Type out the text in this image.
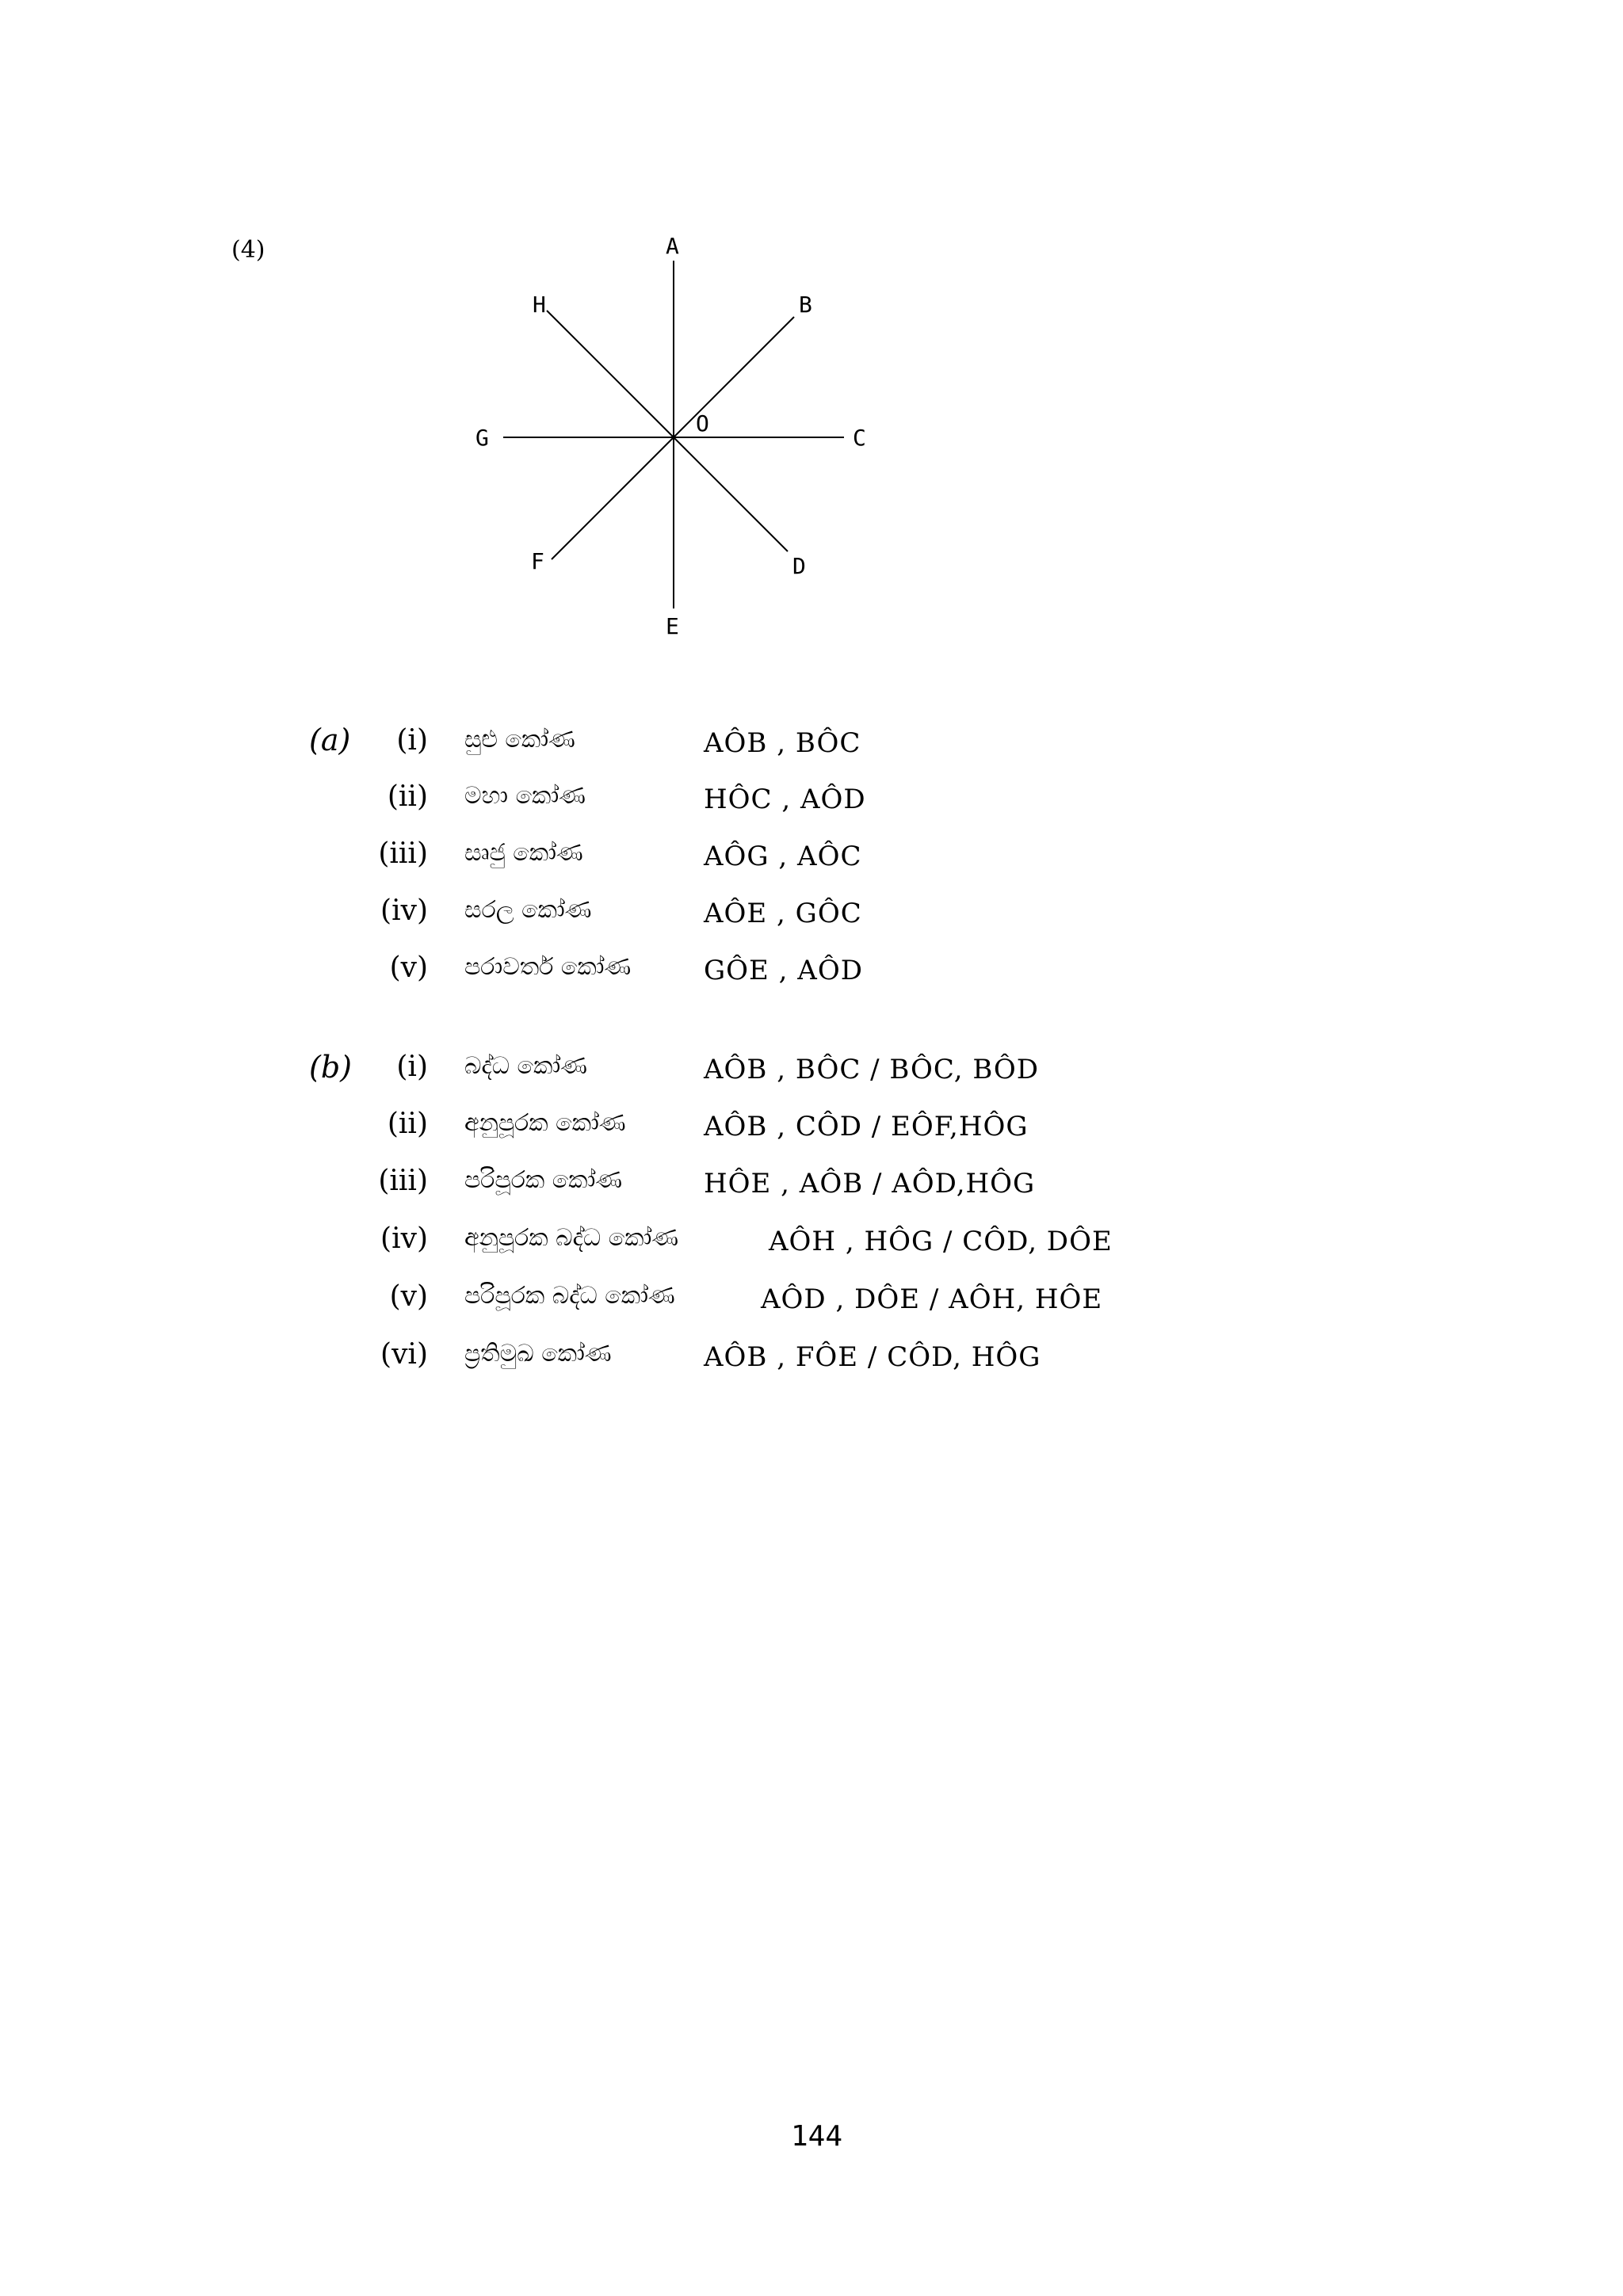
(4)	A
B
C
D
E
F
G
H
O
(a) (i) සුළු කෝණ	AÔB , BÔC
(ii) මහා කෝණ	HÔC , AÔD
(iii) සෘජු කෝණ	AÔG , AÔC
(iv) සරල කෝණ	AÔE , GÔC
(v) පරාවර්ත කෝණ	GÔE , AÔD
(b) (i) බද්ධ කෝණ	AÔB , BÔC / BÔC, BÔD
(ii) අනුපූරක කෝණ	AÔB , CÔD / EÔF,HÔG
(iii) පරිපූරක කෝණ	HÔE , AÔB / AÔD,HÔG
(iv) අනුපූරක බද්ධ කෝණ	AÔH , HÔG / CÔD, DÔE
(v) පරිපූරක බද්ධ කෝණ	AÔD , DÔE / AÔH, HÔE
(vi) ප්‍රතිමුඛ කෝණ	AÔB , FÔE / CÔD, HÔG
144
